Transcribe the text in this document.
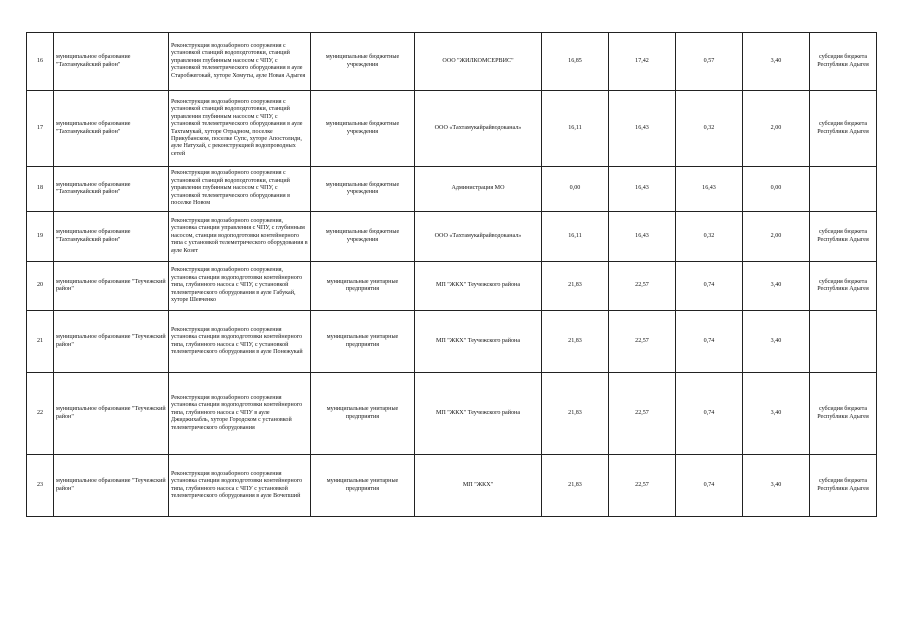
16	муниципальное образование "Тахтамукайский район"	Реконструкция водозаборного сооружения с установкой станций водоподготовки, станций управления глубинным насосом с ЧПУ, с установкой телеметрического оборудования в ауле Старобжегокай, хуторе Хомуты, ауле Новая Адыгея	муниципальные бюджетные учреждения	ООО "ЖИЛКОМСЕРВИС"	16,85	17,42	0,57	3,40	субсидия бюджета Республики Адыгея
17	муниципальное образование "Тахтамукайский район"	Реконструкция водозаборного сооружения с установкой станций водоподготовки, станций управления глубинным насосом с ЧПУ, с установкой телеметрического оборудования в ауле Тахтамукай, хуторе Отрадном, поселке Прикубанском, поселке Супс, хуторе Апостолиди, ауле Натухай, с реконструкцией водопроводных сетей	муниципальные бюджетные учреждения	ООО «Тахтамукайрайводоканал»	16,11	16,43	0,32	2,00	субсидия бюджета Республики Адыгея
18	муниципальное образование "Тахтамукайский район"	Реконструкция водозаборного сооружения с установкой станций водоподготовки, станций управления глубинным насосом с ЧПУ, с установкой телеметрического оборудования в поселке Новом	муниципальные бюджетные учреждения	Администрация МО	0,00	16,43	16,43	0,00	
19	муниципальное образование "Тахтамукайский район"	Реконструкция водозаборного сооружения, установка станции управления с ЧПУ, с глубинным насосом, станции водоподготовки контейнерного типа с установкой телеметрического оборудования в ауле Козет	муниципальные бюджетные учреждения	ООО «Тахтамукайрайводоканал»	16,11	16,43	0,32	2,00	субсидия бюджета Республики Адыгея
20	муниципальное образование "Теучежский район"	Реконструкция водозаборного сооружения, установка станции водоподготовки контейнерного типа, глубинного насоса с ЧПУ, с установкой телеметрического оборудования в ауле Габукай, хуторе Шевченко	муниципальные унитарные предприятия	МП "ЖКХ" Теучежского района	21,83	22,57	0,74	3,40	субсидия бюджета Республики Адыгея
21	муниципальное образование "Теучежский район"	Реконструкция водозаборного сооружения установка станции водоподготовки контейнерного типа, глубинного насоса с ЧПУ, с установкой телеметрического оборудования в ауле Понежукай	муниципальные унитарные предприятия	МП "ЖКХ" Теучежского района	21,83	22,57	0,74	3,40	
22	муниципальное образование "Теучежский район"	Реконструкция водозаборного сооружения установка станции водоподготовки контейнерного типа, глубинного насоса с ЧПУ в ауле Джиджихабль, хуторе Городском с установкой телеметрического оборудования	муниципальные унитарные предприятия	МП "ЖКХ" Теучежского района	21,83	22,57	0,74	3,40	субсидия бюджета Республики Адыгея
23	муниципальное образование "Теучежский район"	Реконструкция водозаборного сооружения установка станции водоподготовки контейнерного типа, глубинного насоса с ЧПУ с установкой телеметрического оборудования в ауле Вочепший	муниципальные унитарные предприятия	МП "ЖКХ"	21,83	22,57	0,74	3,40	субсидия бюджета Республики Адыгея
